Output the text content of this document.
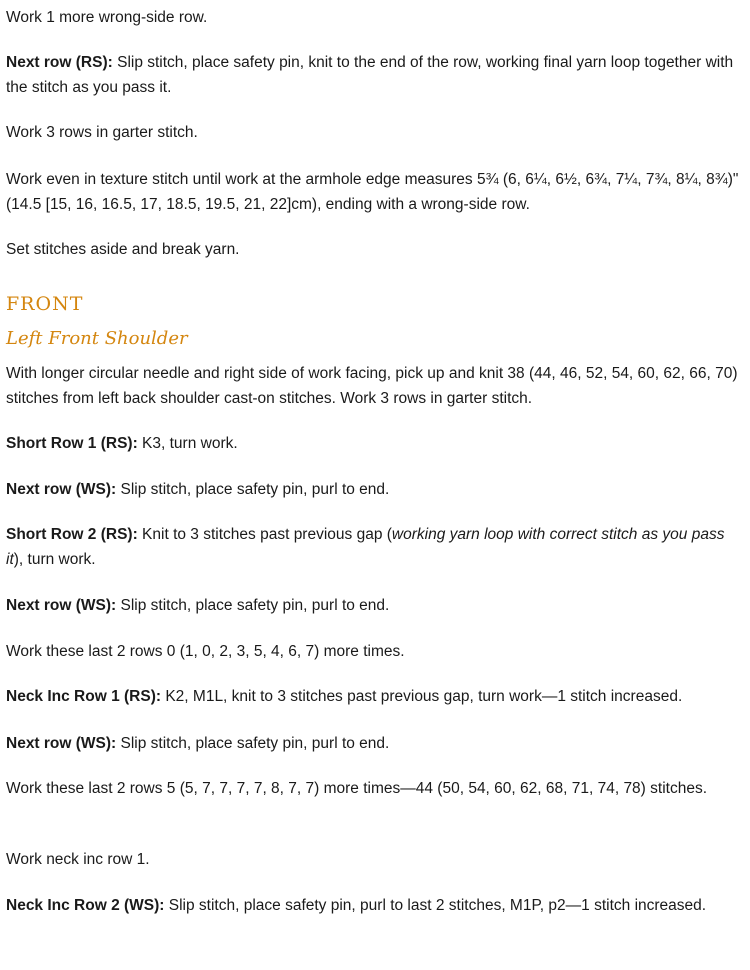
Work 1 more wrong-side row.

Next row (RS): Slip stitch, place safety pin, knit to the end of the row, working final yarn loop together with the stitch as you pass it.

Work 3 rows in garter stitch.

Work even in texture stitch until work at the armhole edge measures 5¾ (6, 6¼, 6½, 6¾, 7¼, 7¾, 8¼, 8¾)" (14.5 [15, 16, 16.5, 17, 18.5, 19.5, 21, 22]cm), ending with a wrong-side row.

Set stitches aside and break yarn.

FRONT
Left Front Shoulder

With longer circular needle and right side of work facing, pick up and knit 38 (44, 46, 52, 54, 60, 62, 66, 70) stitches from left back shoulder cast-on stitches. Work 3 rows in garter stitch.

Short Row 1 (RS): K3, turn work.

Next row (WS): Slip stitch, place safety pin, purl to end.

Short Row 2 (RS): Knit to 3 stitches past previous gap (working yarn loop with correct stitch as you pass it), turn work.

Next row (WS): Slip stitch, place safety pin, purl to end.

Work these last 2 rows 0 (1, 0, 2, 3, 5, 4, 6, 7) more times.

Neck Inc Row 1 (RS): K2, M1L, knit to 3 stitches past previous gap, turn work—1 stitch increased.

Next row (WS): Slip stitch, place safety pin, purl to end.

Work these last 2 rows 5 (5, 7, 7, 7, 7, 8, 7, 7) more times—44 (50, 54, 60, 62, 68, 71, 74, 78) stitches.

Work neck inc row 1.

Neck Inc Row 2 (WS): Slip stitch, place safety pin, purl to last 2 stitches, M1P, p2—1 stitch increased.
